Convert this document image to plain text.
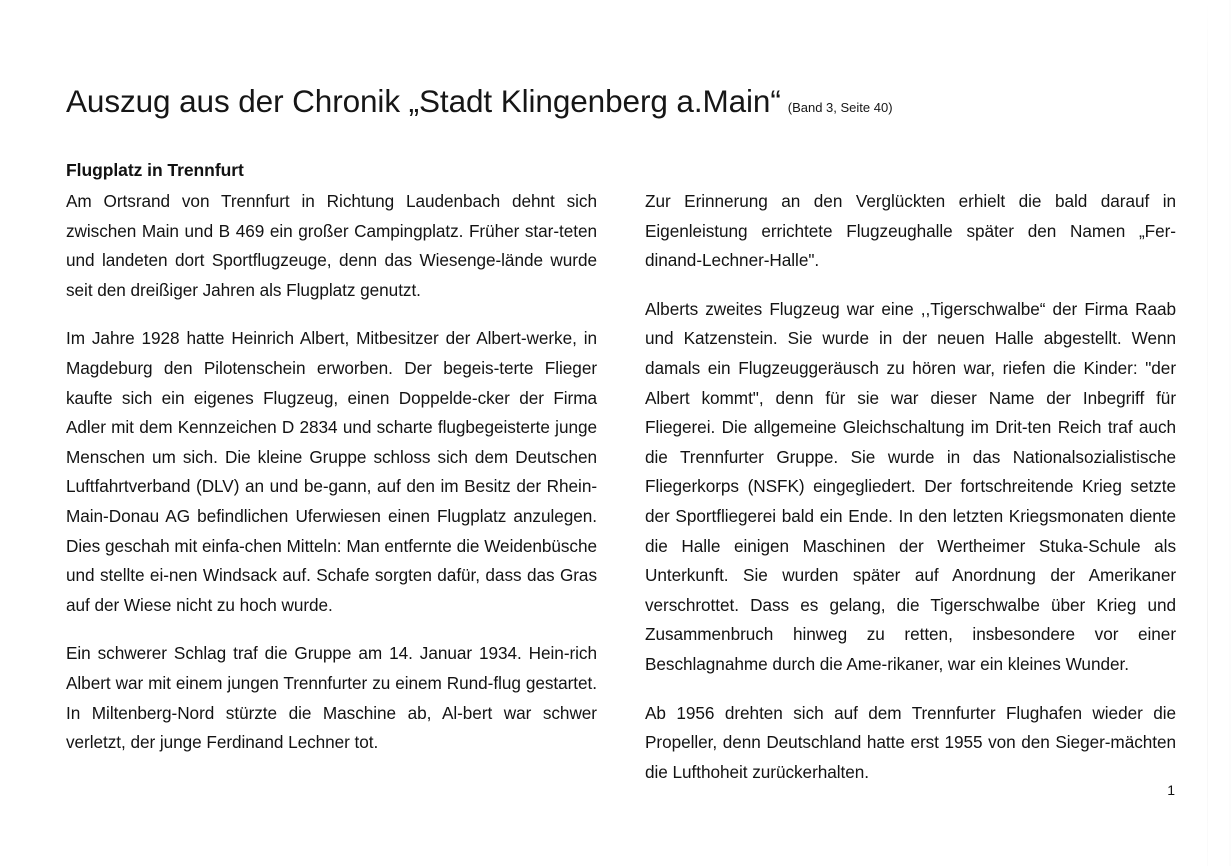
Auszug aus der Chronik „Stadt Klingenberg a.Main“ (Band 3, Seite 40)
Flugplatz in Trennfurt

Am Ortsrand von Trennfurt in Richtung Laudenbach dehnt sich zwischen Main und B 469 ein großer Campingplatz. Früher star-teten und landeten dort Sportflugzeuge, denn das Wiesenge-lände wurde seit den dreißiger Jahren als Flugplatz genutzt.

Im Jahre 1928 hatte Heinrich Albert, Mitbesitzer der Albert-werke, in Magdeburg den Pilotenschein erworben. Der begeis-terte Flieger kaufte sich ein eigenes Flugzeug, einen Doppelde-cker der Firma Adler mit dem Kennzeichen D 2834 und scharte flugbegeisterte junge Menschen um sich. Die kleine Gruppe schloss sich dem Deutschen Luftfahrtverband (DLV) an und be-gann, auf den im Besitz der Rhein-Main-Donau AG befindlichen Uferwiesen einen Flugplatz anzulegen. Dies geschah mit einfa-chen Mitteln: Man entfernte die Weidenbüsche und stellte ei-nen Windsack auf. Schafe sorgten dafür, dass das Gras auf der Wiese nicht zu hoch wurde.

Ein schwerer Schlag traf die Gruppe am 14. Januar 1934. Hein-rich Albert war mit einem jungen Trennfurter zu einem Rund-flug gestartet. In Miltenberg-Nord stürzte die Maschine ab, Al-bert war schwer verletzt, der junge Ferdinand Lechner tot.

Zur Erinnerung an den Verglückten erhielt die bald darauf in Eigenleistung errichtete Flugzeughalle später den Namen „Fer-dinand-Lechner-Halle".

Alberts zweites Flugzeug war eine ,,Tigerschwalbe“ der Firma Raab und Katzenstein. Sie wurde in der neuen Halle abgestellt. Wenn damals ein Flugzeuggeräusch zu hören war, riefen die Kinder: "der Albert kommt", denn für sie war dieser Name der Inbegriff für Fliegerei. Die allgemeine Gleichschaltung im Drit-ten Reich traf auch die Trennfurter Gruppe. Sie wurde in das Nationalsozialistische Fliegerkorps (NSFK) eingegliedert. Der fortschreitende Krieg setzte der Sportfliegerei bald ein Ende. In den letzten Kriegsmonaten diente die Halle einigen Maschinen der Wertheimer Stuka-Schule als Unterkunft. Sie wurden später auf Anordnung der Amerikaner verschrottet. Dass es gelang, die Tigerschwalbe über Krieg und Zusammenbruch hinweg zu retten, insbesondere vor einer Beschlagnahme durch die Ame-rikaner, war ein kleines Wunder.

Ab 1956 drehten sich auf dem Trennfurter Flughafen wieder die Propeller, denn Deutschland hatte erst 1955 von den Sieger-mächten die Lufthoheit zurückerhalten.

1
